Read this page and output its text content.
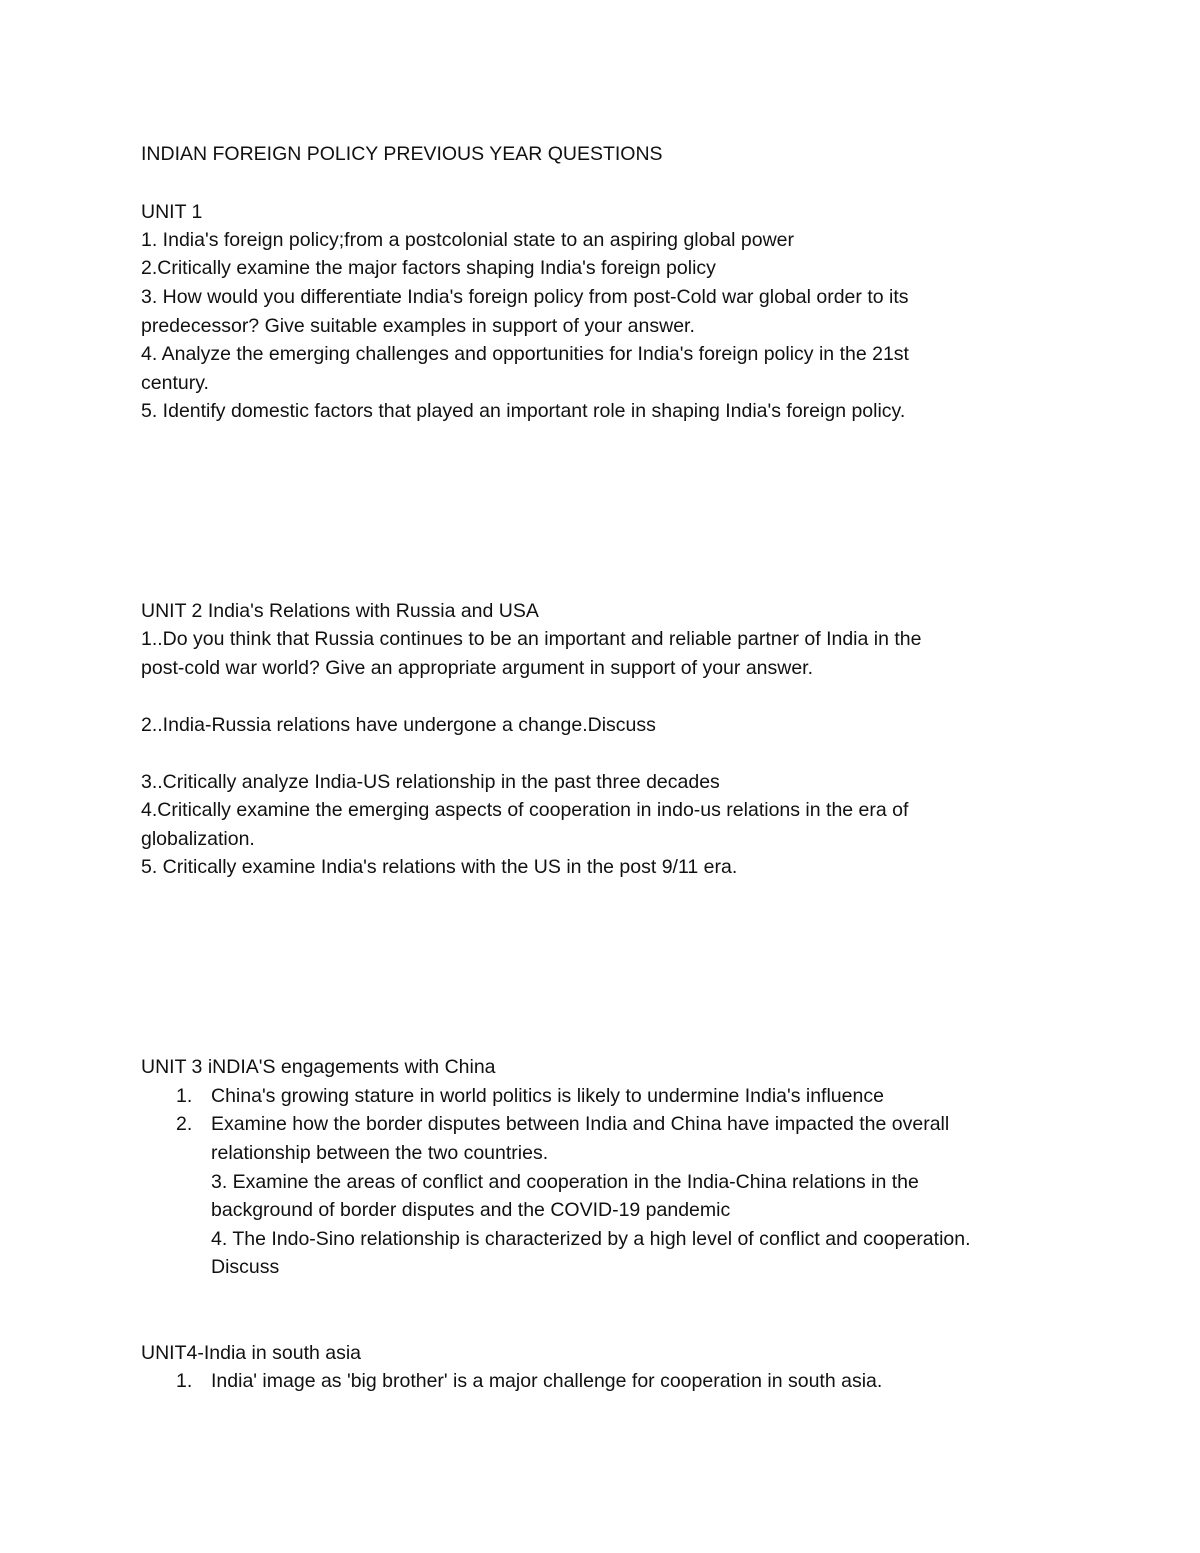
INDIAN FOREIGN POLICY PREVIOUS YEAR QUESTIONS
UNIT 1
1. India's foreign policy;from a postcolonial state to an aspiring global power
2.Critically examine the major factors shaping India's foreign policy
3. How would you differentiate India's foreign policy from post-Cold war global order to its
predecessor? Give suitable examples in support of your answer.
4. Analyze the emerging challenges and opportunities for India's foreign policy in the 21st
century.
5. Identify domestic factors that played an important role in shaping India's foreign policy.
UNIT 2 India's Relations with Russia and USA
1..Do you think that Russia continues to be an important and reliable partner of India in the
post-cold war world? Give an appropriate argument in support of your answer.
2..India-Russia relations have undergone a change.Discuss
3..Critically analyze India-US relationship in the past three decades
4.Critically examine the emerging aspects of cooperation in indo-us relations in the era of
globalization.
5. Critically examine India's relations with the US in the post 9/11 era.
UNIT 3 iNDIA'S engagements with China
1. China's growing stature in world politics is likely to undermine India's influence
2. Examine how the border disputes between India and China have impacted the overall
relationship between the two countries.
3. Examine the areas of conflict and cooperation in the India-China relations in the
background of border disputes and the COVID-19 pandemic
4. The Indo-Sino relationship is characterized by a high level of conflict and cooperation.
Discuss
UNIT4-India in south asia
1. India' image as 'big brother' is a major challenge for cooperation in south asia.
